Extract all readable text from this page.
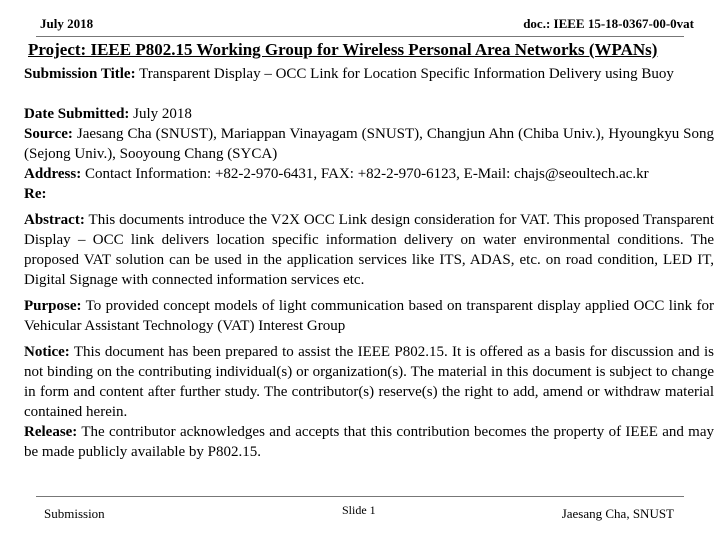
July 2018	doc.: IEEE 15-18-0367-00-0vat
Project: IEEE P802.15 Working Group for Wireless Personal Area Networks (WPANs)

Submission Title: Transparent Display – OCC Link for Location Specific Information Delivery using Buoy

Date Submitted: July 2018

Source: Jaesang Cha (SNUST), Mariappan Vinayagam (SNUST), Changjun Ahn (Chiba Univ.), Hyoungkyu Song (Sejong Univ.), Sooyoung Chang (SYCA)

Address: Contact Information: +82-2-970-6431, FAX: +82-2-970-6123, E-Mail: chajs@seoultech.ac.kr

Re:

Abstract: This documents introduce the V2X OCC Link design consideration for VAT. This proposed Transparent Display – OCC link delivers location specific information delivery on water environmental conditions. The proposed VAT solution can be used in the application services like ITS, ADAS, etc. on road condition, LED IT, Digital Signage with connected information services etc.

Purpose: To provided concept models of light communication based on transparent display applied OCC link for Vehicular Assistant Technology (VAT) Interest Group

Notice: This document has been prepared to assist the IEEE P802.15. It is offered as a basis for discussion and is not binding on the contributing individual(s) or organization(s). The material in this document is subject to change in form and content after further study. The contributor(s) reserve(s) the right to add, amend or withdraw material contained herein.

Release: The contributor acknowledges and accepts that this contribution becomes the property of IEEE and may be made publicly available by P802.15.

Submission	Slide 1	Jaesang Cha, SNUST
